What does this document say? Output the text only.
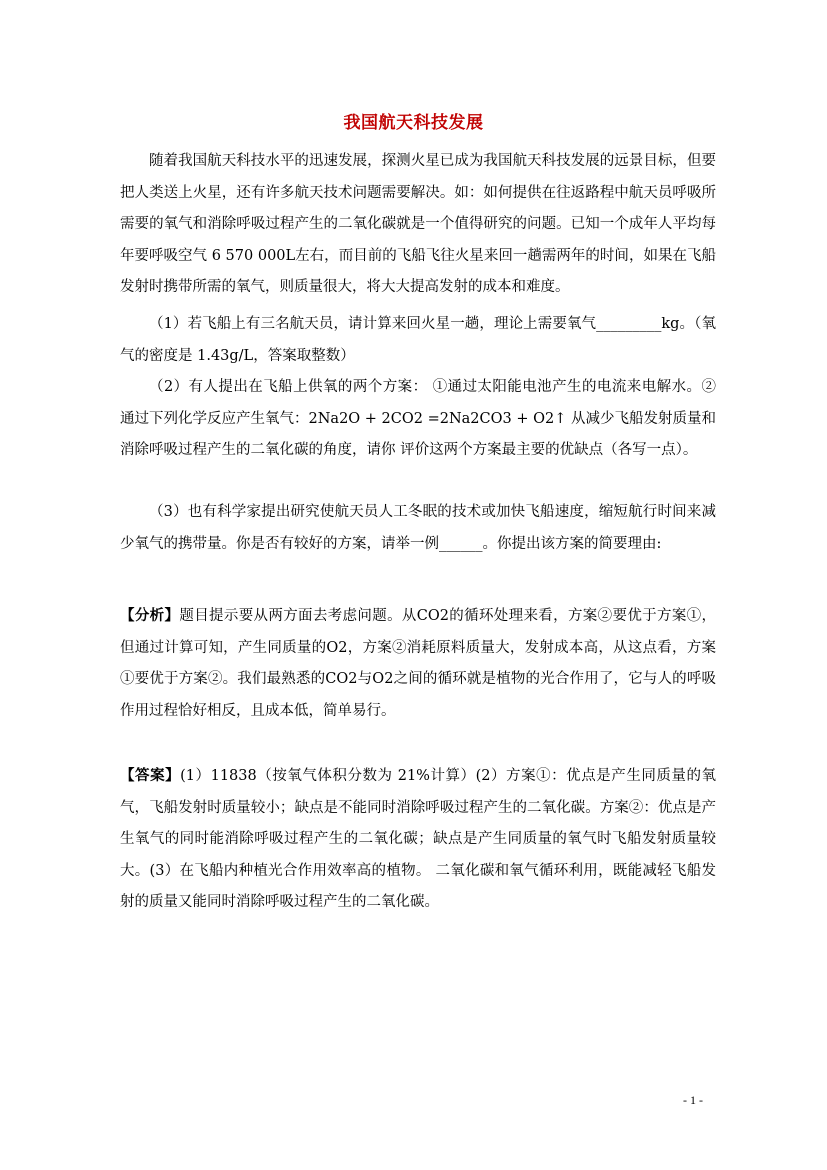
我国航天科技发展

随着我国航天科技水平的迅速发展，探测火星已成为我国航天科技发展的远景目标，但要把人类送上火星，还有许多航天技术问题需要解决。如：如何提供在往返路程中航天员呼吸所需要的氧气和消除呼吸过程产生的二氧化碳就是一个值得研究的问题。已知一个成年人平均每年要呼吸空气 6 570 000L左右，而目前的飞船飞往火星来回一趟需两年的时间，如果在飞船发射时携带所需的氧气，则质量很大，将大大提高发射的成本和难度。

（1）若飞船上有三名航天员，请计算来回火星一趟，理论上需要氧气_________kg。（氧气的密度是 1.43g/L，答案取整数）

（2）有人提出在飞船上供氧的两个方案： ①通过太阳能电池产生的电流来电解水。② 通过下列化学反应产生氧气：2Na2O + 2CO2 =2Na2CO3 + O2↑ 从减少飞船发射质量和消除呼吸过程产生的二氧化碳的角度，请你 评价这两个方案最主要的优缺点（各写一点）。

（3）也有科学家提出研究使航天员人工冬眠的技术或加快飞船速度，缩短航行时间来减少氧气的携带量。你是否有较好的方案，请举一例______。你提出该方案的简要理由:

【分析】题目提示要从两方面去考虑问题。从CO2的循环处理来看，方案②要优于方案①，但通过计算可知，产生同质量的O2，方案②消耗原料质量大，发射成本高，从这点看，方案①要优于方案②。我们最熟悉的CO2与O2之间的循环就是植物的光合作用了，它与人的呼吸作用过程恰好相反，且成本低，简单易行。

【答案】(1）11838（按氧气体积分数为 21%计算）(2）方案①：优点是产生同质量的氧气，飞船发射时质量较小；缺点是不能同时消除呼吸过程产生的二氧化碳。方案②：优点是产生氧气的同时能消除呼吸过程产生的二氧化碳；缺点是产生同质量的氧气时飞船发射质量较大。(3）在飞船内种植光合作用效率高的植物。 二氧化碳和氧气循环利用，既能减轻飞船发射的质量又能同时消除呼吸过程产生的二氧化碳。

- 1 -
